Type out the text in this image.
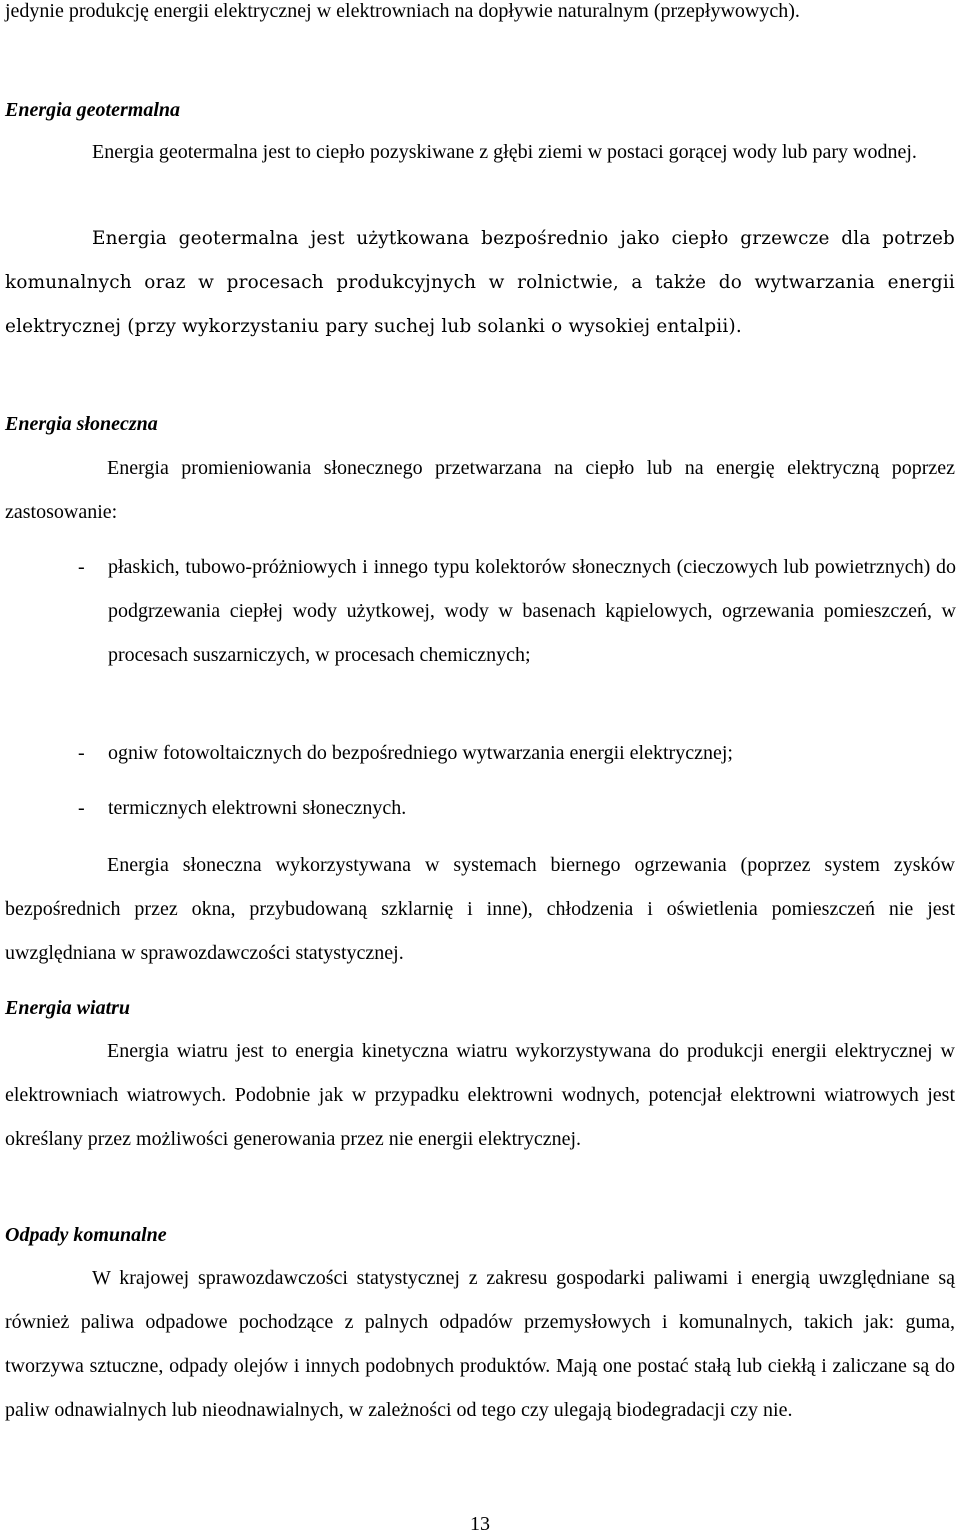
jedynie produkcję energii elektrycznej w elektrowniach na dopływie naturalnym (przepływowych).

Energia geotermalna

Energia geotermalna jest to ciepło pozyskiwane z głębi ziemi w postaci gorącej wody lub pary wodnej.

Energia geotermalna jest użytkowana bezpośrednio jako ciepło grzewcze dla potrzeb komunalnych oraz w procesach produkcyjnych w rolnictwie, a także do wytwarzania energii elektrycznej (przy wykorzystaniu pary suchej lub solanki o wysokiej entalpii).

Energia słoneczna

Energia promieniowania słonecznego przetwarzana na ciepło lub na energię elektryczną poprzez zastosowanie:

-	płaskich, tubowo-próżniowych i innego typu kolektorów słonecznych (cieczowych lub powietrznych) do podgrzewania ciepłej wody użytkowej, wody w basenach kąpielowych, ogrzewania pomieszczeń, w procesach suszarniczych, w procesach chemicznych;
-	ogniw fotowoltaicznych do bezpośredniego wytwarzania energii elektrycznej;
-	termicznych elektrowni słonecznych.

Energia słoneczna wykorzystywana w systemach biernego ogrzewania (poprzez system zysków bezpośrednich przez okna, przybudowaną szklarnię i inne), chłodzenia i oświetlenia pomieszczeń nie jest uwzględniana w sprawozdawczości statystycznej.

Energia wiatru

Energia wiatru jest to energia kinetyczna wiatru wykorzystywana do produkcji energii elektrycznej w elektrowniach wiatrowych. Podobnie jak w przypadku elektrowni wodnych, potencjał elektrowni wiatrowych jest określany przez możliwości generowania przez nie energii elektrycznej.

Odpady komunalne

W krajowej sprawozdawczości statystycznej z zakresu gospodarki paliwami i energią uwzględniane są również paliwa odpadowe pochodzące z palnych odpadów przemysłowych i komunalnych, takich jak: guma, tworzywa sztuczne, odpady olejów i innych podobnych produktów. Mają one postać stałą lub ciekłą i zaliczane są do paliw odnawialnych lub nieodnawialnych, w zależności od tego czy ulegają biodegradacji czy nie.

13
